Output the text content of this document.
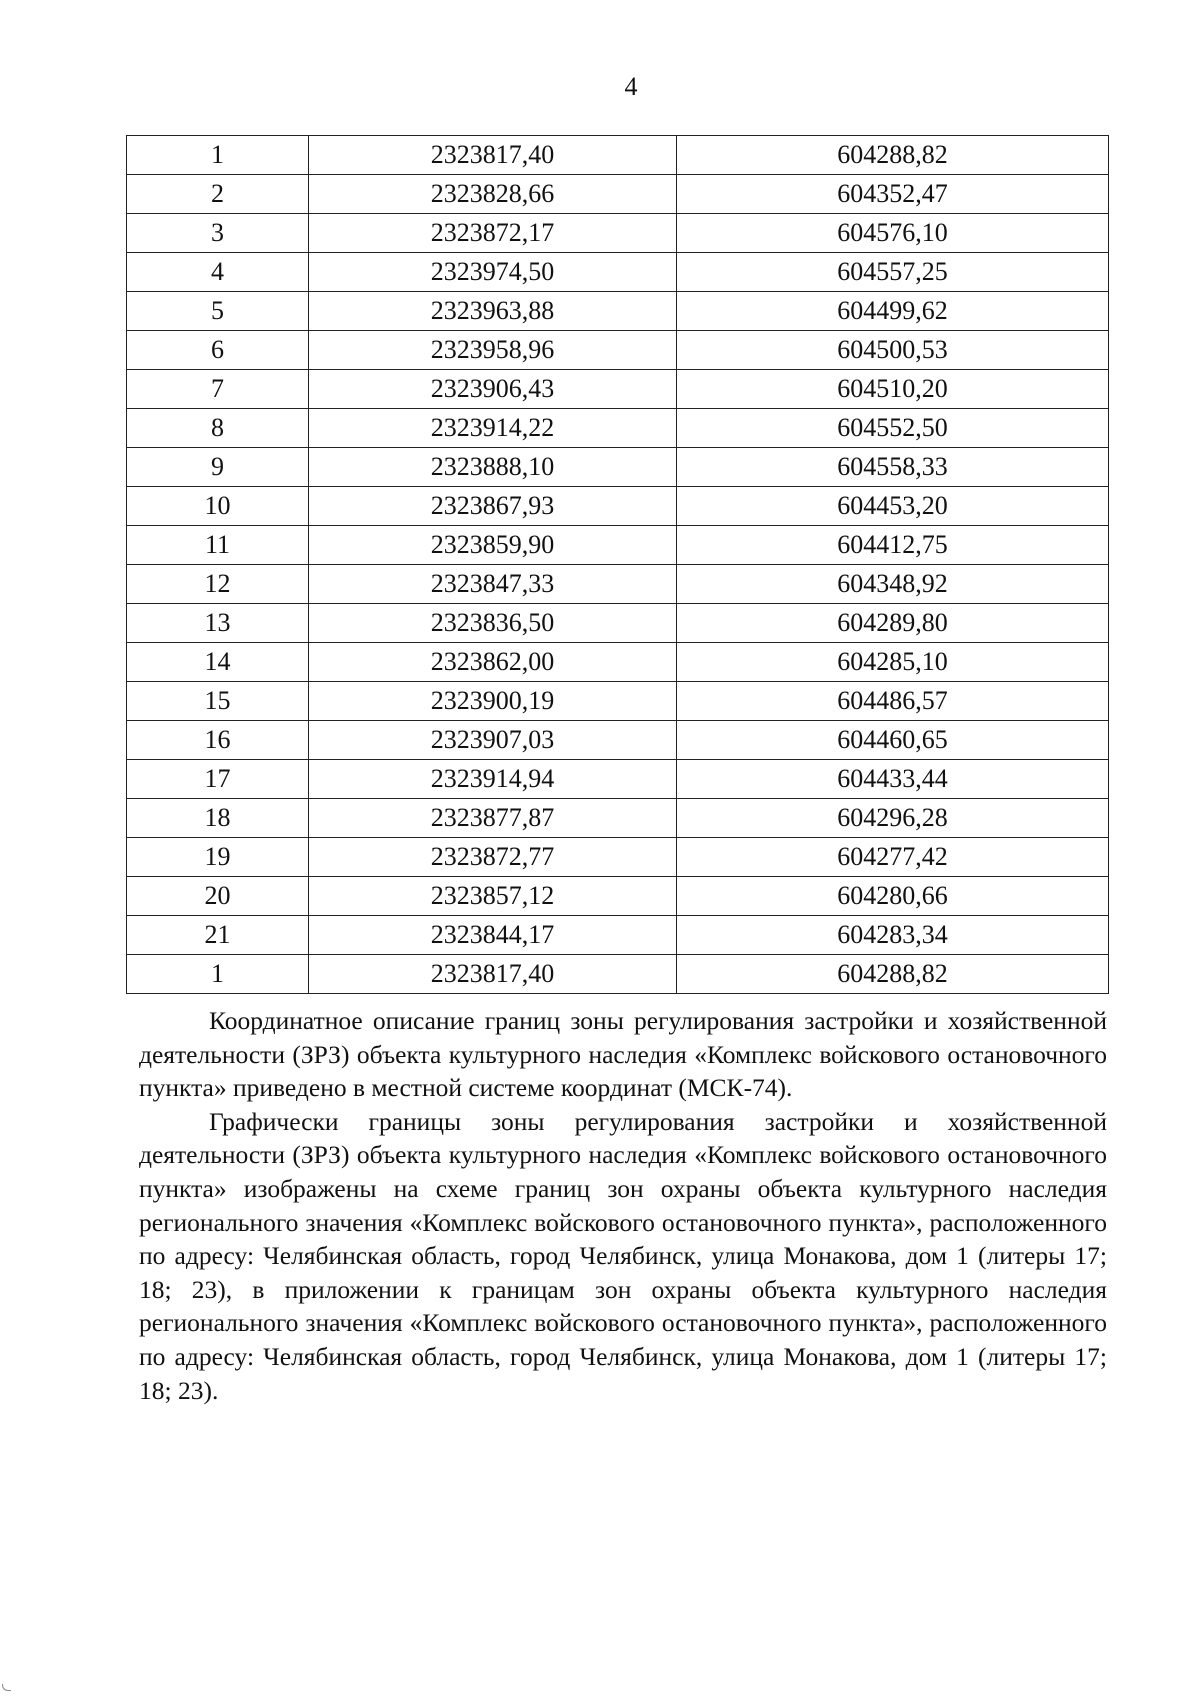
4
1	2323817,40	604288,82
2	2323828,66	604352,47
3	2323872,17	604576,10
4	2323974,50	604557,25
5	2323963,88	604499,62
6	2323958,96	604500,53
7	2323906,43	604510,20
8	2323914,22	604552,50
9	2323888,10	604558,33
10	2323867,93	604453,20
11	2323859,90	604412,75
12	2323847,33	604348,92
13	2323836,50	604289,80
14	2323862,00	604285,10
15	2323900,19	604486,57
16	2323907,03	604460,65
17	2323914,94	604433,44
18	2323877,87	604296,28
19	2323872,77	604277,42
20	2323857,12	604280,66
21	2323844,17	604283,34
1	2323817,40	604288,82

Координатное описание границ зоны регулирования застройки и хозяйственной деятельности (ЗРЗ) объекта культурного наследия «Комплекс войскового остановочного пункта» приведено в местной системе координат (МСК-74).

Графически границы зоны регулирования застройки и хозяйственной деятельности (ЗРЗ) объекта культурного наследия «Комплекс войскового остановочного пункта» изображены на схеме границ зон охраны объекта культурного наследия регионального значения «Комплекс войскового остановочного пункта», расположенного по адресу: Челябинская область, город Челябинск, улица Монакова, дом 1 (литеры 17; 18; 23), в приложении к границам зон охраны объекта культурного наследия регионального значения «Комплекс войскового остановочного пункта», расположенного по адресу: Челябинская область, город Челябинск, улица Монакова, дом 1 (литеры 17; 18; 23).
